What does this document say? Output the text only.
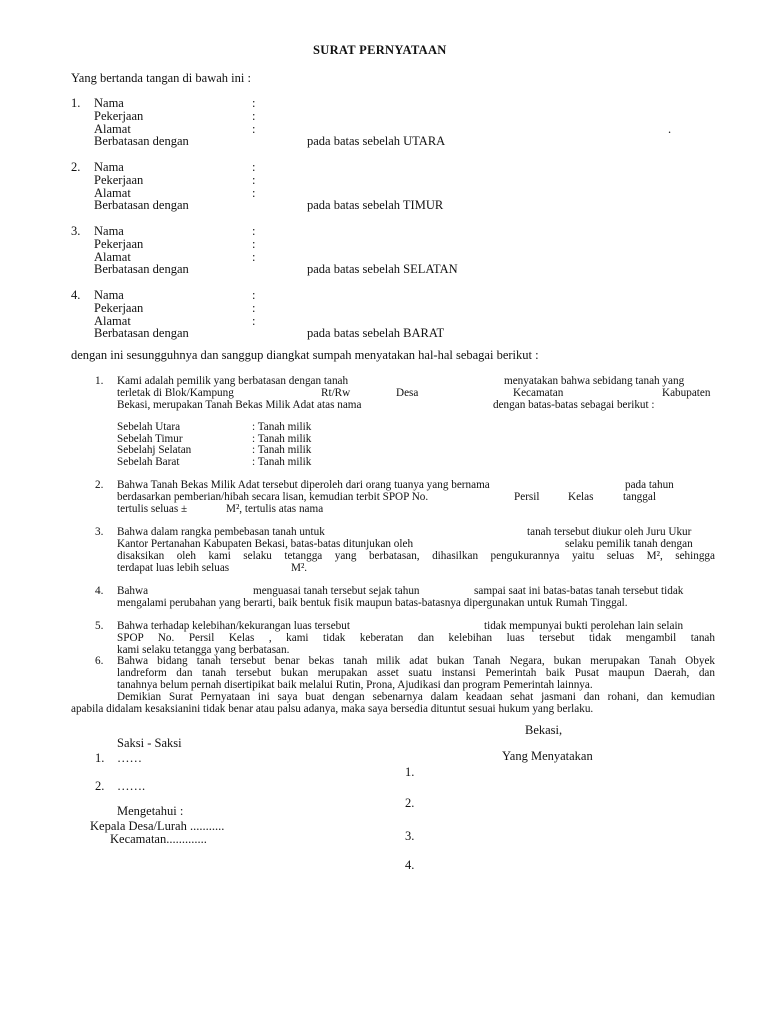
SURAT PERNYATAAN
Yang bertanda tangan di bawah ini :
1. Nama	:
Pekerjaan	:
Alamat	:
Berbatasan dengan	pada batas sebelah UTARA
.
2. Nama	:
Pekerjaan	:
Alamat	:
Berbatasan dengan	pada batas sebelah TIMUR
3. Nama	:
Pekerjaan	:
Alamat	:
Berbatasan dengan	pada batas sebelah SELATAN
4. Nama	:
Pekerjaan	:
Alamat	:
Berbatasan dengan	pada batas sebelah BARAT
dengan ini sesungguhnya dan sanggup diangkat sumpah menyatakan hal-hal sebagai berikut :
1. Kami adalah pemilik yang berbatasan dengan tanah	menyatakan bahwa sebidang tanah yang
terletak di Blok/Kampung	Rt/Rw	Desa	Kecamatan	Kabupaten
Bekasi, merupakan Tanah Bekas Milik Adat atas nama	dengan batas-batas sebagai berikut :
Sebelah Utara	: Tanah milik
Sebelah Timur	: Tanah milik
Sebelahj Selatan	: Tanah milik
Sebelah Barat	: Tanah milik
2. Bahwa Tanah Bekas Milik Adat tersebut diperoleh dari orang tuanya yang bernama	pada tahun
berdasarkan pemberian/hibah secara lisan, kemudian terbit SPOP No.	Persil	Kelas	tanggal
tertulis seluas ±	M², tertulis atas nama
3. Bahwa dalam rangka pembebasan tanah untuk	tanah tersebut diukur oleh Juru Ukur
Kantor Pertanahan Kabupaten Bekasi, batas-batas ditunjukan oleh	selaku pemilik tanah dengan
disaksikan oleh kami selaku tetangga yang berbatasan, dihasilkan pengukurannya yaitu seluas M², sehingga
terdapat luas lebih seluas	M².
4. Bahwa	menguasai tanah tersebut sejak tahun	sampai saat ini batas-batas tanah tersebut tidak
mengalami perubahan yang berarti, baik bentuk fisik maupun batas-batasnya dipergunakan untuk Rumah Tinggal.
5. Bahwa terhadap kelebihan/kekurangan luas tersebut	tidak mempunyai bukti perolehan lain selain
SPOP No. Persil Kelas , kami tidak keberatan dan kelebihan luas tersebut tidak mengambil tanah
kami selaku tetangga yang berbatasan.
6. Bahwa bidang tanah tersebut benar bekas tanah milik adat bukan Tanah Negara, bukan merupakan Tanah Obyek
landreform dan tanah tersebut bukan merupakan asset suatu instansi Pemerintah baik Pusat maupun Daerah, dan
tanahnya belum pernah disertipikat baik melalui Rutin, Prona, Ajudikasi dan program Pemerintah lainnya.
Demikian Surat Pernyataan ini saya buat dengan sebenarnya dalam keadaan sehat jasmani dan rohani, dan kemudian
apabila didalam kesaksianini tidak benar atau palsu adanya, maka saya bersedia dituntut sesuai hukum yang berlaku.
Bekasi,
Saksi - Saksi
1. ……
2. …….
Mengetahui :
Kepala Desa/Lurah ...........
Kecamatan.............
Yang Menyatakan
1.
2.
3.
4.
